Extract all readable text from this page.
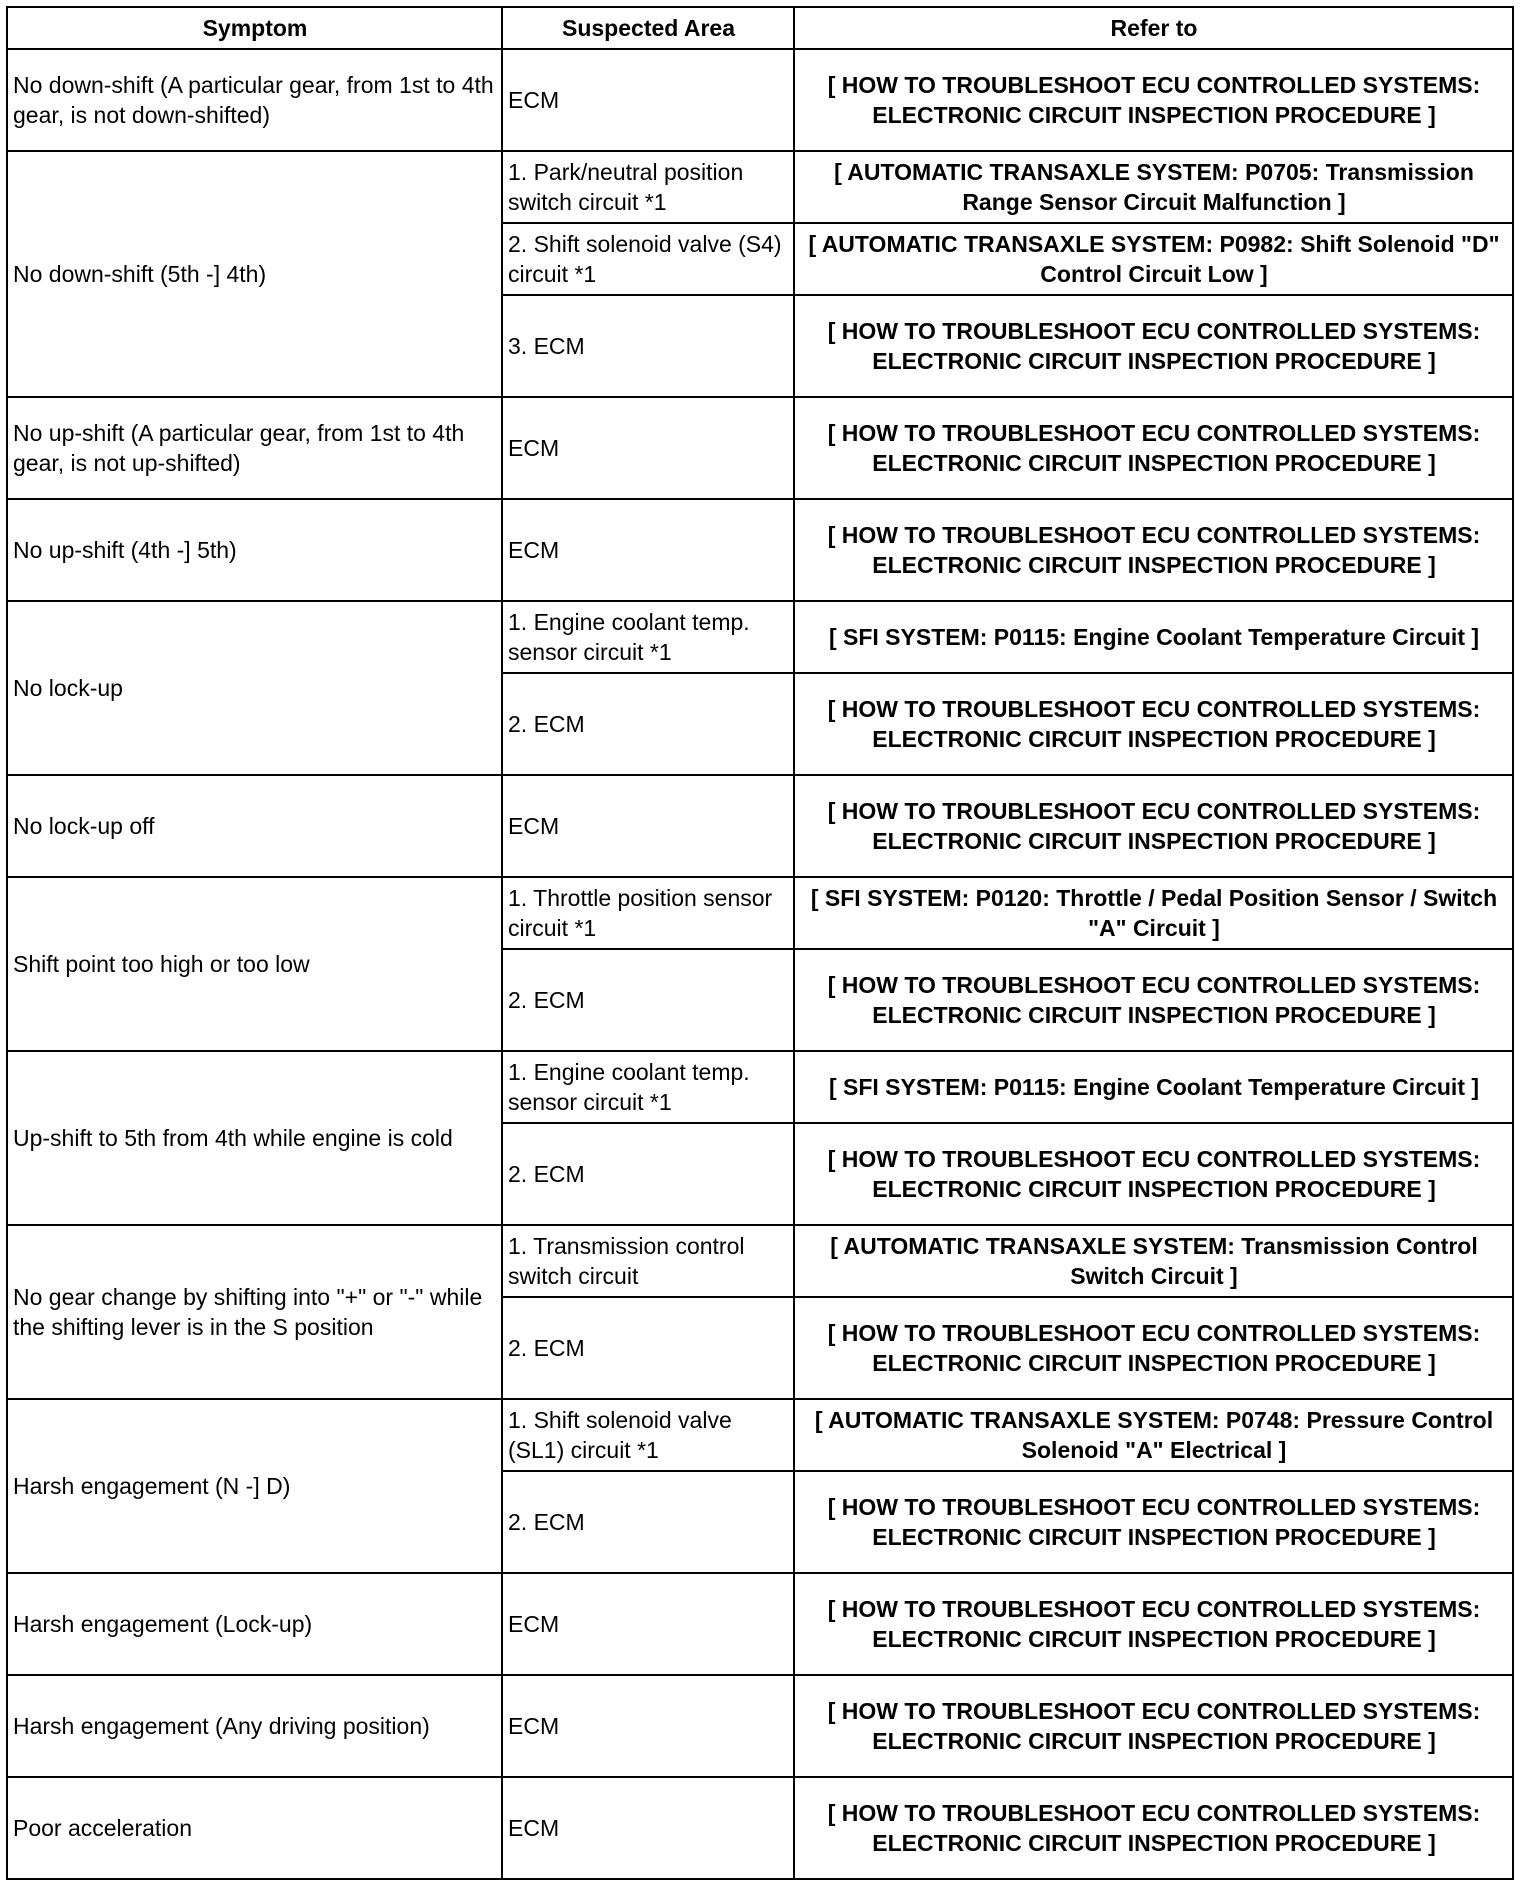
Symptom	Suspected Area	Refer to
No down-shift (A particular gear, from 1st to 4th gear, is not down-shifted)	ECM	[ HOW TO TROUBLESHOOT ECU CONTROLLED SYSTEMS: ELECTRONIC CIRCUIT INSPECTION PROCEDURE ]
No down-shift (5th -] 4th)	1. Park/neutral position switch circuit *1	[ AUTOMATIC TRANSAXLE SYSTEM: P0705: Transmission Range Sensor Circuit Malfunction ]
	2. Shift solenoid valve (S4) circuit *1	[ AUTOMATIC TRANSAXLE SYSTEM: P0982: Shift Solenoid "D" Control Circuit Low ]
	3. ECM	[ HOW TO TROUBLESHOOT ECU CONTROLLED SYSTEMS: ELECTRONIC CIRCUIT INSPECTION PROCEDURE ]
No up-shift (A particular gear, from 1st to 4th gear, is not up-shifted)	ECM	[ HOW TO TROUBLESHOOT ECU CONTROLLED SYSTEMS: ELECTRONIC CIRCUIT INSPECTION PROCEDURE ]
No up-shift (4th -] 5th)	ECM	[ HOW TO TROUBLESHOOT ECU CONTROLLED SYSTEMS: ELECTRONIC CIRCUIT INSPECTION PROCEDURE ]
No lock-up	1. Engine coolant temp. sensor circuit *1	[ SFI SYSTEM: P0115: Engine Coolant Temperature Circuit ]
	2. ECM	[ HOW TO TROUBLESHOOT ECU CONTROLLED SYSTEMS: ELECTRONIC CIRCUIT INSPECTION PROCEDURE ]
No lock-up off	ECM	[ HOW TO TROUBLESHOOT ECU CONTROLLED SYSTEMS: ELECTRONIC CIRCUIT INSPECTION PROCEDURE ]
Shift point too high or too low	1. Throttle position sensor circuit *1	[ SFI SYSTEM: P0120: Throttle / Pedal Position Sensor / Switch "A" Circuit ]
	2. ECM	[ HOW TO TROUBLESHOOT ECU CONTROLLED SYSTEMS: ELECTRONIC CIRCUIT INSPECTION PROCEDURE ]
Up-shift to 5th from 4th while engine is cold	1. Engine coolant temp. sensor circuit *1	[ SFI SYSTEM: P0115: Engine Coolant Temperature Circuit ]
	2. ECM	[ HOW TO TROUBLESHOOT ECU CONTROLLED SYSTEMS: ELECTRONIC CIRCUIT INSPECTION PROCEDURE ]
No gear change by shifting into "+" or "-" while the shifting lever is in the S position	1. Transmission control switch circuit	[ AUTOMATIC TRANSAXLE SYSTEM: Transmission Control Switch Circuit ]
	2. ECM	[ HOW TO TROUBLESHOOT ECU CONTROLLED SYSTEMS: ELECTRONIC CIRCUIT INSPECTION PROCEDURE ]
Harsh engagement (N -] D)	1. Shift solenoid valve (SL1) circuit *1	[ AUTOMATIC TRANSAXLE SYSTEM: P0748: Pressure Control Solenoid "A" Electrical ]
	2. ECM	[ HOW TO TROUBLESHOOT ECU CONTROLLED SYSTEMS: ELECTRONIC CIRCUIT INSPECTION PROCEDURE ]
Harsh engagement (Lock-up)	ECM	[ HOW TO TROUBLESHOOT ECU CONTROLLED SYSTEMS: ELECTRONIC CIRCUIT INSPECTION PROCEDURE ]
Harsh engagement (Any driving position)	ECM	[ HOW TO TROUBLESHOOT ECU CONTROLLED SYSTEMS: ELECTRONIC CIRCUIT INSPECTION PROCEDURE ]
Poor acceleration	ECM	[ HOW TO TROUBLESHOOT ECU CONTROLLED SYSTEMS: ELECTRONIC CIRCUIT INSPECTION PROCEDURE ]
